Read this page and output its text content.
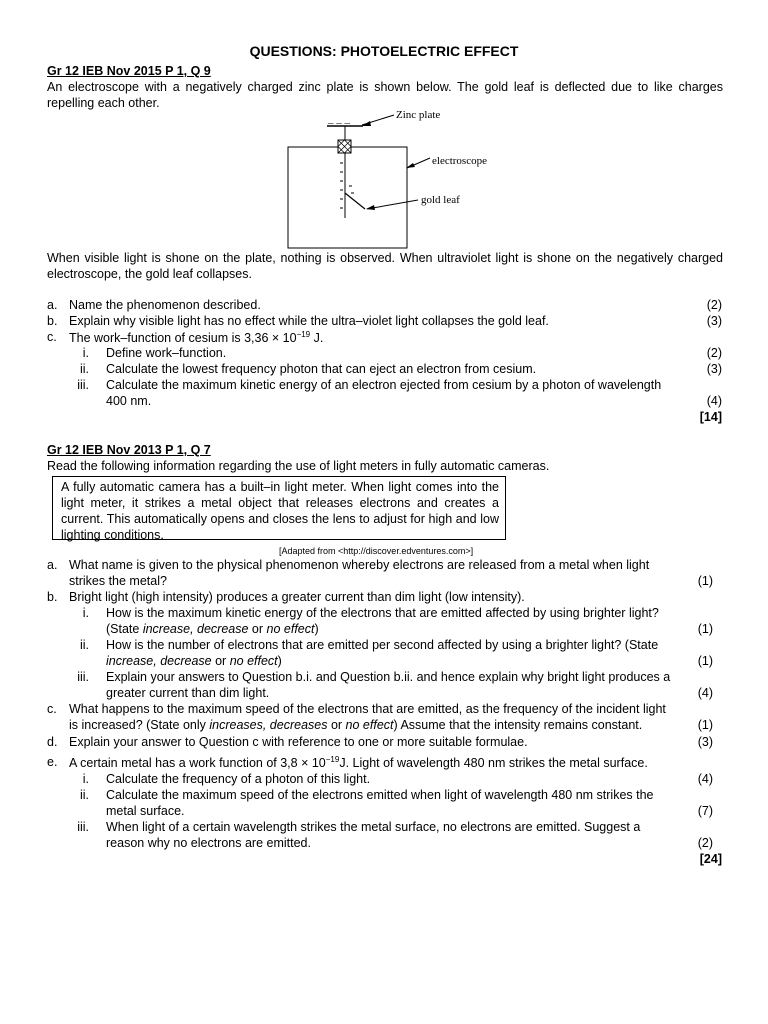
QUESTIONS: PHOTOELECTRIC EFFECT
Gr 12 IEB Nov 2015 P 1, Q 9
An electroscope with a negatively charged zinc plate is shown below. The gold leaf is deflected due to like charges repelling each other.
_ _ _	Zinc plate
gold leaf
electroscope
When visible light is shone on the plate, nothing is observed. When ultraviolet light is shone on the negatively charged electroscope, the gold leaf collapses.
a. Name the phenomenon described.	(2)
b. Explain why visible light has no effect while the ultra–violet light collapses the gold leaf.	(3)
c. The work–function of cesium is $3,36 \times 10^{-19}$ J.
i. Define work–function.	(2)
ii. Calculate the lowest frequency photon that can eject an electron from cesium.	(3)
iii. Calculate the maximum kinetic energy of an electron ejected from cesium by a photon of wavelength
400 nm.	(4)
[14]
Gr 12 IEB Nov 2013 P 1, Q 7
Read the following information regarding the use of light meters in fully automatic cameras.
A fully automatic camera has a built–in light meter. When light comes into the light meter, it strikes a metal object that releases electrons and creates a current. This automatically opens and closes the lens to adjust for high and low lighting conditions.
[Adapted from <http://discover.edventures.com>]
a. What name is given to the physical phenomenon whereby electrons are released from a metal when light
strikes the metal?	(1)
b. Bright light (high intensity) produces a greater current than dim light (low intensity).
i. How is the maximum kinetic energy of the electrons that are emitted affected by using brighter light?
(State increase, decrease or no effect)	(1)
ii. How is the number of electrons that are emitted per second affected by using a brighter light? (State
increase, decrease or no effect)	(1)
iii. Explain your answers to Question b.i. and Question b.ii. and hence explain why bright light produces a
greater current than dim light.	(4)
c. What happens to the maximum speed of the electrons that are emitted, as the frequency of the incident light
is increased? (State only increases, decreases or no effect) Assume that the intensity remains constant.	(1)
d. Explain your answer to Question c with reference to one or more suitable formulae.	(3)
e. A certain metal has a work function of $3,8 \times 10^{-19}J$. Light of wavelength 480 nm strikes the metal surface.
i. Calculate the frequency of a photon of this light.	(4)
ii. Calculate the maximum speed of the electrons emitted when light of wavelength 480 nm strikes the
metal surface.	(7)
iii. When light of a certain wavelength strikes the metal surface, no electrons are emitted. Suggest a
reason why no electrons are emitted.	(2)
[24]
